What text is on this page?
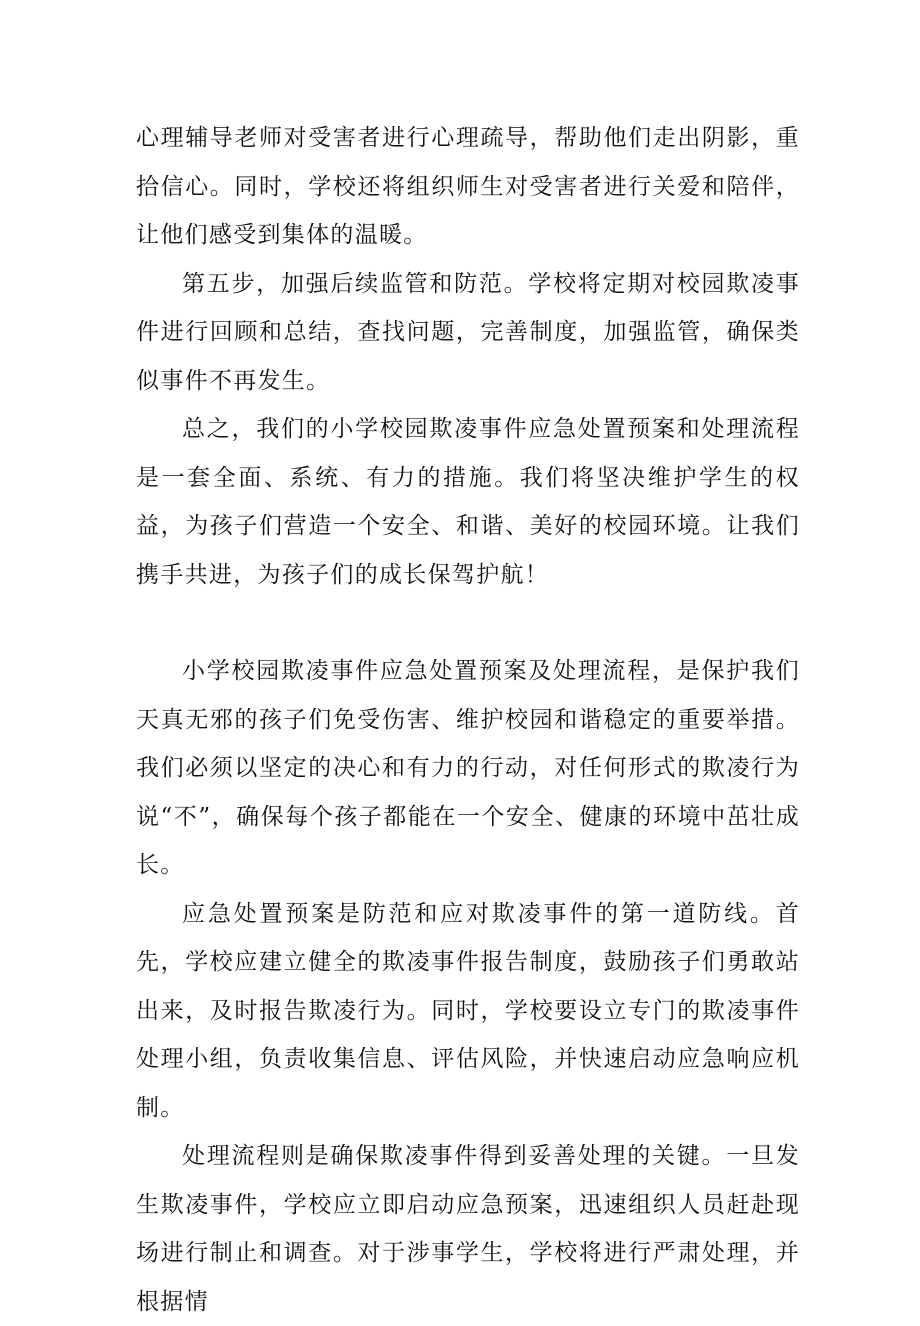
心理辅导老师对受害者进行心理疏导，帮助他们走出阴影，重拾信心。同时，学校还将组织师生对受害者进行关爱和陪伴，让他们感受到集体的温暖。

第五步，加强后续监管和防范。学校将定期对校园欺凌事件进行回顾和总结，查找问题，完善制度，加强监管，确保类似事件不再发生。

总之，我们的小学校园欺凌事件应急处置预案和处理流程是一套全面、系统、有力的措施。我们将坚决维护学生的权益，为孩子们营造一个安全、和谐、美好的校园环境。让我们携手共进，为孩子们的成长保驾护航！

小学校园欺凌事件应急处置预案及处理流程，是保护我们天真无邪的孩子们免受伤害、维护校园和谐稳定的重要举措。我们必须以坚定的决心和有力的行动，对任何形式的欺凌行为说“不”，确保每个孩子都能在一个安全、健康的环境中茁壮成长。

应急处置预案是防范和应对欺凌事件的第一道防线。首先，学校应建立健全的欺凌事件报告制度，鼓励孩子们勇敢站出来，及时报告欺凌行为。同时，学校要设立专门的欺凌事件处理小组，负责收集信息、评估风险，并快速启动应急响应机制。

处理流程则是确保欺凌事件得到妥善处理的关键。一旦发生欺凌事件，学校应立即启动应急预案，迅速组织人员赶赴现场进行制止和调查。对于涉事学生，学校将进行严肃处理，并根据情
